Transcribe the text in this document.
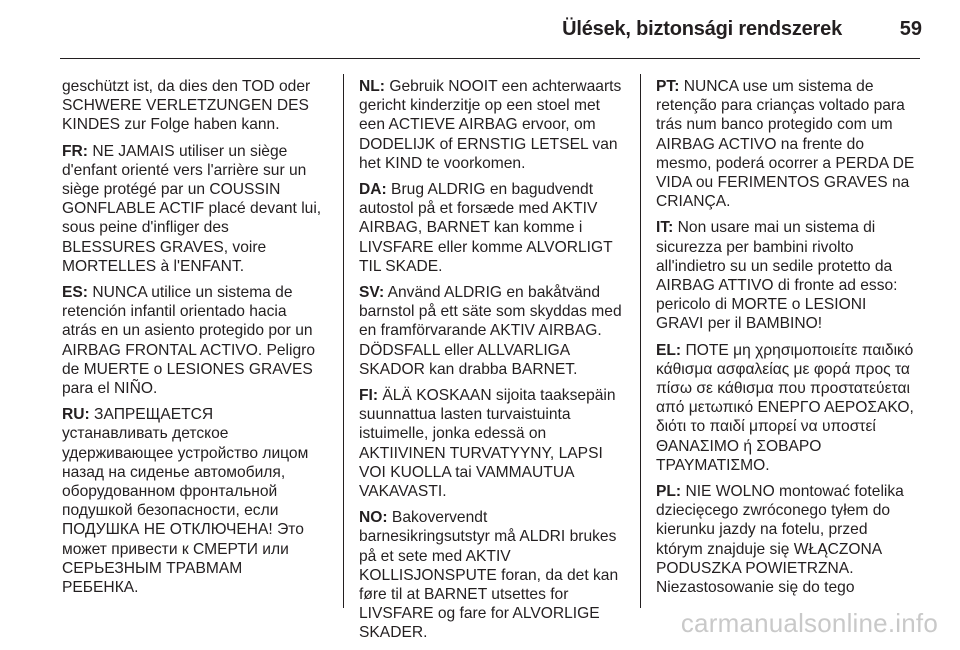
Ülések, biztonsági rendszerek	59
geschützt ist, da dies den TOD oder
SCHWERE VERLETZUNGEN DES
KINDES zur Folge haben kann.
FR: NE JAMAIS utiliser un siège
d'enfant orienté vers l'arrière sur un
siège protégé par un COUSSIN
GONFLABLE ACTIF placé devant lui,
sous peine d'infliger des
BLESSURES GRAVES, voire
MORTELLES à l'ENFANT.
ES: NUNCA utilice un sistema de
retención infantil orientado hacia
atrás en un asiento protegido por un
AIRBAG FRONTAL ACTIVO. Peligro
de MUERTE o LESIONES GRAVES
para el NIÑO.
RU: ЗАПРЕЩАЕТСЯ
устанавливать детское
удерживающее устройство лицом
назад на сиденье автомобиля,
оборудованном фронтальной
подушкой безопасности, если
ПОДУШКА НЕ ОТКЛЮЧЕНА! Это
может привести к СМЕРТИ или
СЕРЬЕЗНЫМ ТРАВМАМ
РЕБЕНКА.
NL: Gebruik NOOIT een achterwaarts
gericht kinderzitje op een stoel met
een ACTIEVE AIRBAG ervoor, om
DODELIJK of ERNSTIG LETSEL van
het KIND te voorkomen.
DA: Brug ALDRIG en bagudvendt
autostol på et forsæde med AKTIV
AIRBAG, BARNET kan komme i
LIVSFARE eller komme ALVORLIGT
TIL SKADE.
SV: Använd ALDRIG en bakåtvänd
barnstol på ett säte som skyddas med
en framförvarande AKTIV AIRBAG.
DÖDSFALL eller ALLVARLIGA
SKADOR kan drabba BARNET.
FI: ÄLÄ KOSKAAN sijoita taaksepäin
suunnattua lasten turvaistuinta
istuimelle, jonka edessä on
AKTIIVINEN TURVATYYNY, LAPSI
VOI KUOLLA tai VAMMAUTUA
VAKAVASTI.
NO: Bakovervendt
barnesikringsutstyr må ALDRI brukes
på et sete med AKTIV
KOLLISJONSPUTE foran, da det kan
føre til at BARNET utsettes for
LIVSFARE og fare for ALVORLIGE
SKADER.
PT: NUNCA use um sistema de
retenção para crianças voltado para
trás num banco protegido com um
AIRBAG ACTIVO na frente do
mesmo, poderá ocorrer a PERDA DE
VIDA ou FERIMENTOS GRAVES na
CRIANÇA.
IT: Non usare mai un sistema di
sicurezza per bambini rivolto
all'indietro su un sedile protetto da
AIRBAG ATTIVO di fronte ad esso:
pericolo di MORTE o LESIONI
GRAVI per il BAMBINO!
EL: ΠΟΤΕ μη χρησιμοποιείτε παιδικό
κάθισμα ασφαλείας με φορά προς τα
πίσω σε κάθισμα που προστατεύεται
από μετωπικό ΕΝΕΡΓΟ ΑΕΡΟΣΑΚΟ,
διότι το παιδί μπορεί να υποστεί
ΘΑΝΑΣΙΜΟ ή ΣΟΒΑΡΟ
ΤΡΑΥΜΑΤΙΣΜΟ.
PL: NIE WOLNO montować fotelika
dziecięcego zwróconego tyłem do
kierunku jazdy na fotelu, przed
którym znajduje się WŁĄCZONA
PODUSZKA POWIETRZNA.
Niezastosowanie się do tego
carmanualsonline.info
